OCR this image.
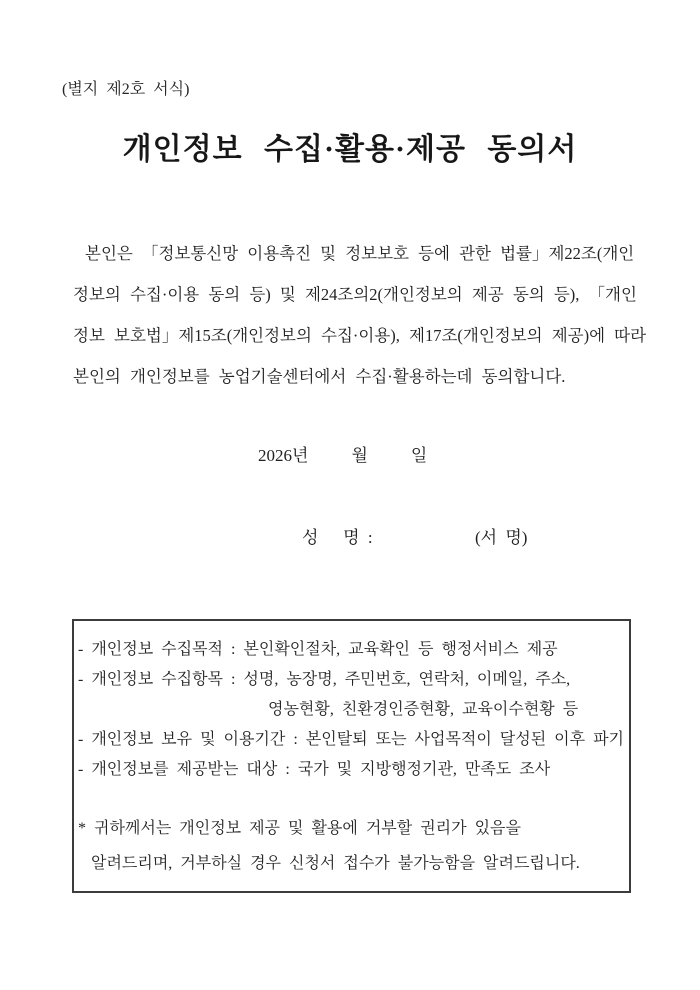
(별지 제2호 서식)
개인정보 수집·활용·제공 동의서
본인은 「정보통신망 이용촉진 및 정보보호 등에 관한 법률」제22조(개인
정보의 수집·이용 동의 등) 및 제24조의2(개인정보의 제공 동의 등), 「개인
정보 보호법」제15조(개인정보의 수집·이용), 제17조(개인정보의 제공)에 따라
본인의 개인정보를 농업기술센터에서 수집·활용하는데 동의합니다.
2026년	월	일
성   명 :	(서 명)
- 개인정보 수집목적 : 본인확인절차, 교육확인 등 행정서비스 제공
- 개인정보 수집항목 : 성명, 농장명, 주민번호, 연락처, 이메일, 주소,
영농현황, 친환경인증현황, 교육이수현황 등
- 개인정보 보유 및 이용기간 : 본인탈퇴 또는 사업목적이 달성된 이후 파기
- 개인정보를 제공받는 대상 : 국가 및 지방행정기관, 만족도 조사
* 귀하께서는 개인정보 제공 및 활용에 거부할 권리가 있음을
알려드리며, 거부하실 경우 신청서 접수가 불가능함을 알려드립니다.
